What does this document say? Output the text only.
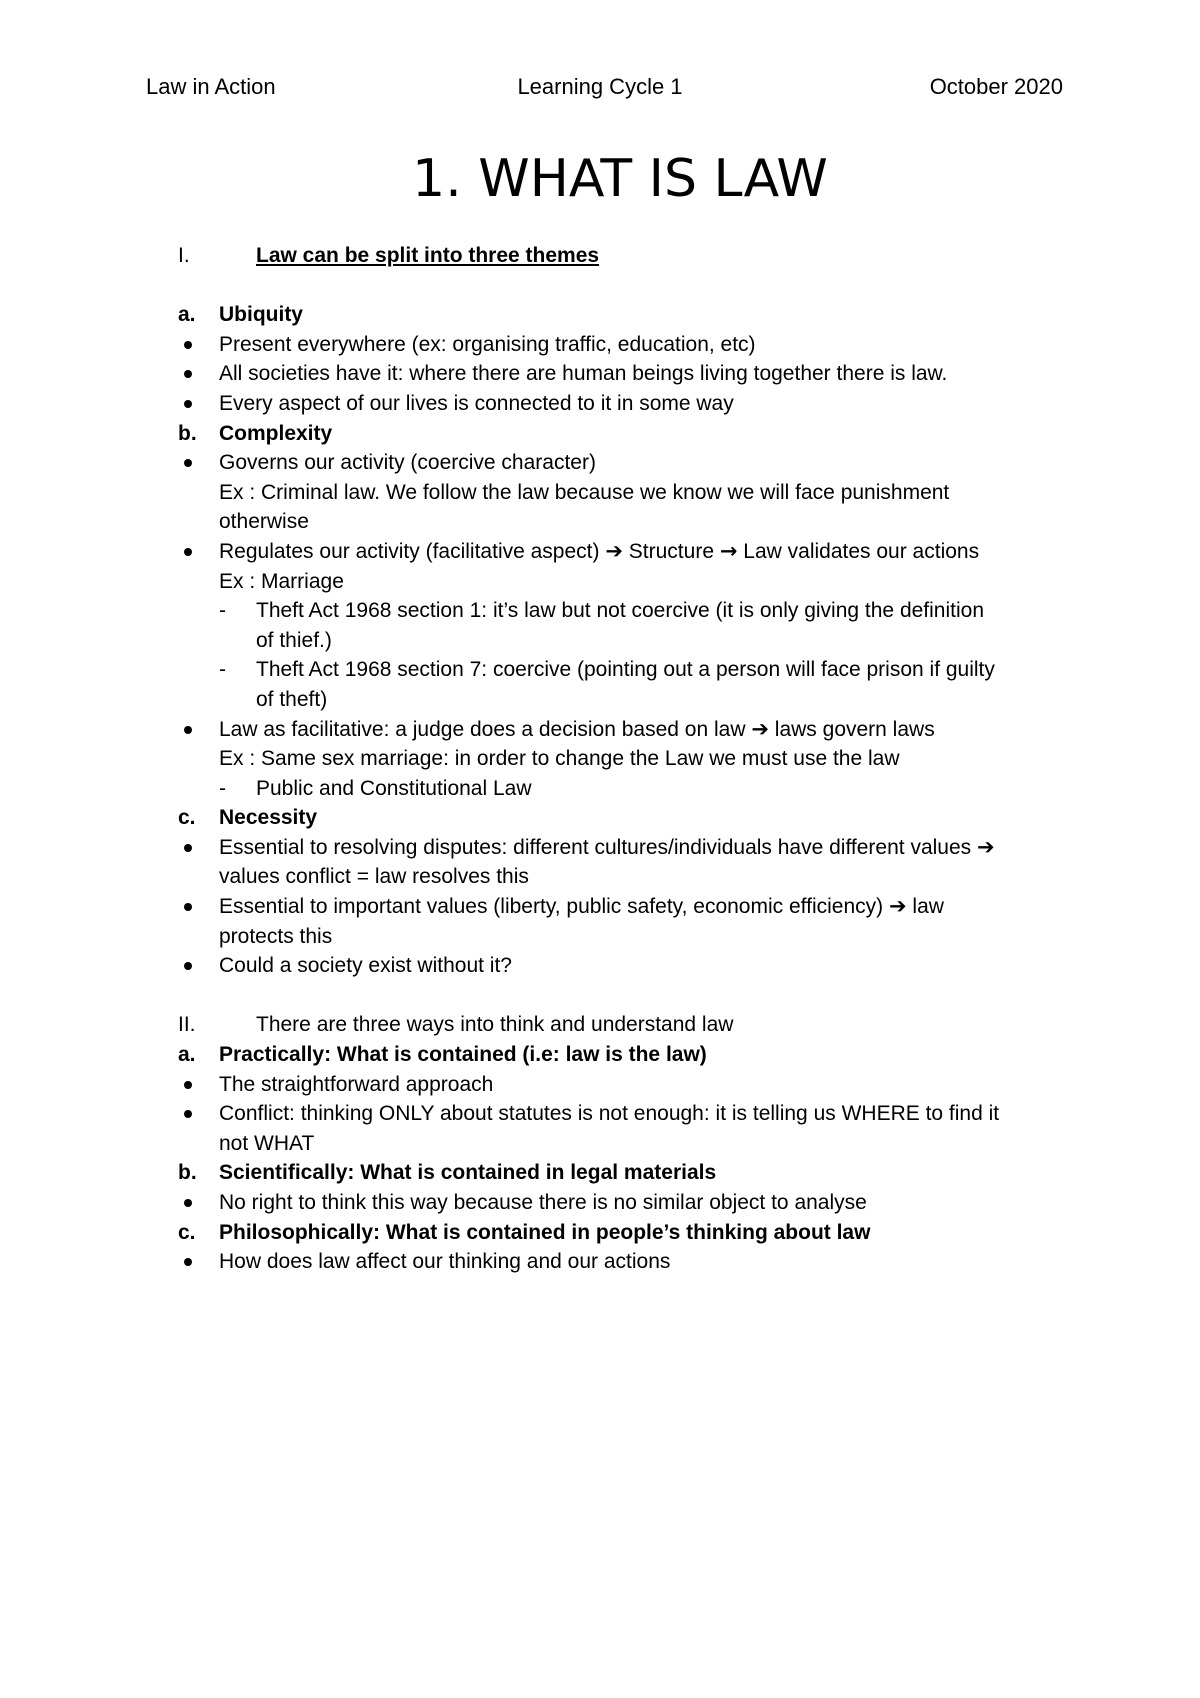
Law in Action	Learning Cycle 1	October 2020
1. WHAT IS LAW
I.	Law can be split into three themes
a. Ubiquity
Present everywhere (ex: organising traffic, education, etc)
All societies have it: where there are human beings living together there is law.
Every aspect of our lives is connected to it in some way
b. Complexity
Governs our activity (coercive character)
Ex : Criminal law. We follow the law because we know we will face punishment
otherwise
Regulates our activity (facilitative aspect) ➔ Structure → Law validates our actions
Ex : Marriage
- Theft Act 1968 section 1: it’s law but not coercive (it is only giving the definition
of thief.)
- Theft Act 1968 section 7: coercive (pointing out a person will face prison if guilty
of theft)
Law as facilitative: a judge does a decision based on law ➔ laws govern laws
Ex : Same sex marriage: in order to change the Law we must use the law
- Public and Constitutional Law
c. Necessity
Essential to resolving disputes: different cultures/individuals have different values ➔
values conflict = law resolves this
Essential to important values (liberty, public safety, economic efficiency) ➔ law
protects this
Could a society exist without it?
II.	There are three ways into think and understand law
a. Practically: What is contained (i.e: law is the law)
The straightforward approach
Conflict: thinking ONLY about statutes is not enough: it is telling us WHERE to find it
not WHAT
b. Scientifically: What is contained in legal materials
No right to think this way because there is no similar object to analyse
c. Philosophically: What is contained in people’s thinking about law
How does law affect our thinking and our actions
